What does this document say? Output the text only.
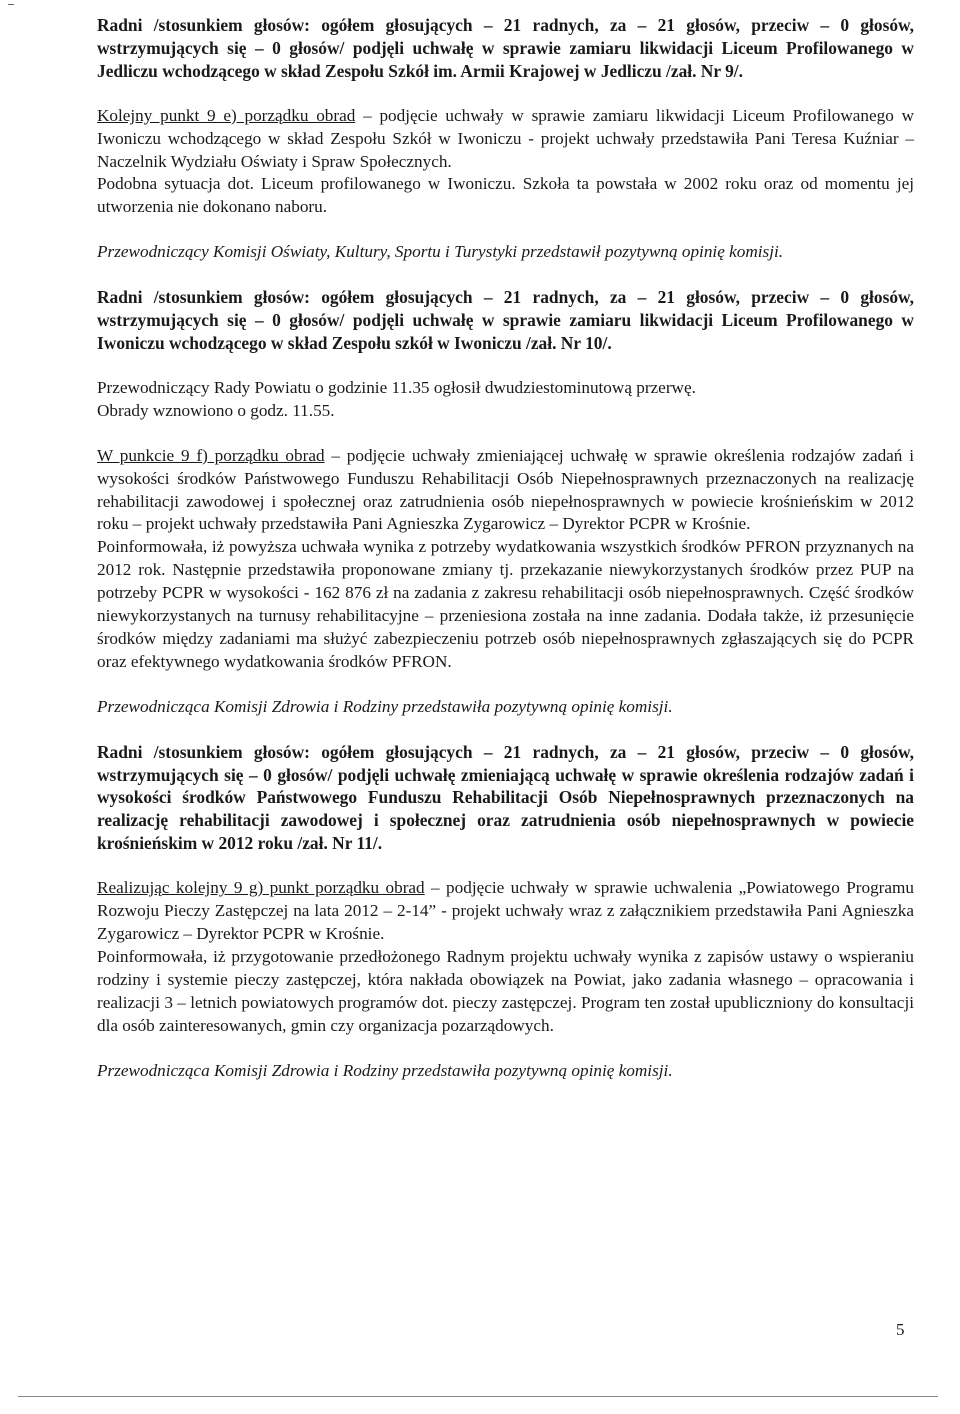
Radni /stosunkiem głosów: ogółem głosujących – 21 radnych, za – 21 głosów, przeciw – 0 głosów, wstrzymujących się – 0 głosów/ podjęli uchwałę w sprawie zamiaru likwidacji Liceum Profilowanego w Jedliczu wchodzącego w skład Zespołu Szkół im. Armii Krajowej w Jedliczu /zał. Nr 9/.

Kolejny punkt 9 e) porządku obrad – podjęcie uchwały w sprawie zamiaru likwidacji Liceum Profilowanego w Iwoniczu wchodzącego w skład Zespołu Szkół w Iwoniczu - projekt uchwały przedstawiła Pani Teresa Kuźniar – Naczelnik Wydziału Oświaty i Spraw Społecznych.

Podobna sytuacja dot. Liceum profilowanego w Iwoniczu. Szkoła ta powstała w 2002 roku oraz od momentu jej utworzenia nie dokonano naboru.

Przewodniczący Komisji Oświaty, Kultury, Sportu i Turystyki przedstawił pozytywną opinię komisji.

Radni /stosunkiem głosów: ogółem głosujących – 21 radnych, za – 21 głosów, przeciw – 0 głosów, wstrzymujących się – 0 głosów/ podjęli uchwałę w sprawie zamiaru likwidacji Liceum Profilowanego w Iwoniczu wchodzącego w skład Zespołu szkół w Iwoniczu /zał. Nr 10/.

Przewodniczący Rady Powiatu o godzinie 11.35 ogłosił dwudziestominutową przerwę.

Obrady wznowiono o godz. 11.55.

W punkcie 9 f) porządku obrad – podjęcie uchwały zmieniającej uchwałę w sprawie określenia rodzajów zadań i wysokości środków Państwowego Funduszu Rehabilitacji Osób Niepełnosprawnych przeznaczonych na realizację rehabilitacji zawodowej i społecznej oraz zatrudnienia osób niepełnosprawnych w powiecie krośnieńskim w 2012 roku – projekt uchwały przedstawiła Pani Agnieszka Zygarowicz – Dyrektor PCPR w Krośnie.

Poinformowała, iż powyższa uchwała wynika z potrzeby wydatkowania wszystkich środków PFRON przyznanych na 2012 rok. Następnie przedstawiła proponowane zmiany tj. przekazanie niewykorzystanych środków przez PUP na potrzeby PCPR w wysokości - 162 876 zł na zadania z zakresu rehabilitacji osób niepełnosprawnych. Część środków niewykorzystanych na turnusy rehabilitacyjne – przeniesiona została na inne zadania. Dodała także, iż przesunięcie środków między zadaniami ma służyć zabezpieczeniu potrzeb osób niepełnosprawnych zgłaszających się do PCPR oraz efektywnego wydatkowania środków PFRON.

Przewodnicząca Komisji Zdrowia i Rodziny przedstawiła pozytywną opinię komisji.

Radni /stosunkiem głosów: ogółem głosujących – 21 radnych, za – 21 głosów, przeciw – 0 głosów, wstrzymujących się – 0 głosów/ podjęli uchwałę zmieniającą uchwałę w sprawie określenia rodzajów zadań i wysokości środków Państwowego Funduszu Rehabilitacji Osób Niepełnosprawnych przeznaczonych na realizację rehabilitacji zawodowej i społecznej oraz zatrudnienia osób niepełnosprawnych w powiecie krośnieńskim w 2012 roku /zał. Nr 11/.

Realizując kolejny 9 g) punkt porządku obrad – podjęcie uchwały w sprawie uchwalenia „Powiatowego Programu Rozwoju Pieczy Zastępczej na lata 2012 – 2-14” - projekt uchwały wraz z załącznikiem przedstawiła Pani Agnieszka Zygarowicz – Dyrektor PCPR w Krośnie.

Poinformowała, iż przygotowanie przedłożonego Radnym projektu uchwały wynika z zapisów ustawy o wspieraniu rodziny i systemie pieczy zastępczej, która nakłada obowiązek na Powiat, jako zadania własnego – opracowania i realizacji 3 – letnich powiatowych programów dot. pieczy zastępczej. Program ten został upubliczniony do konsultacji dla osób zainteresowanych, gmin czy organizacja pozarządowych.

Przewodnicząca Komisji Zdrowia i Rodziny przedstawiła pozytywną opinię komisji.

5
